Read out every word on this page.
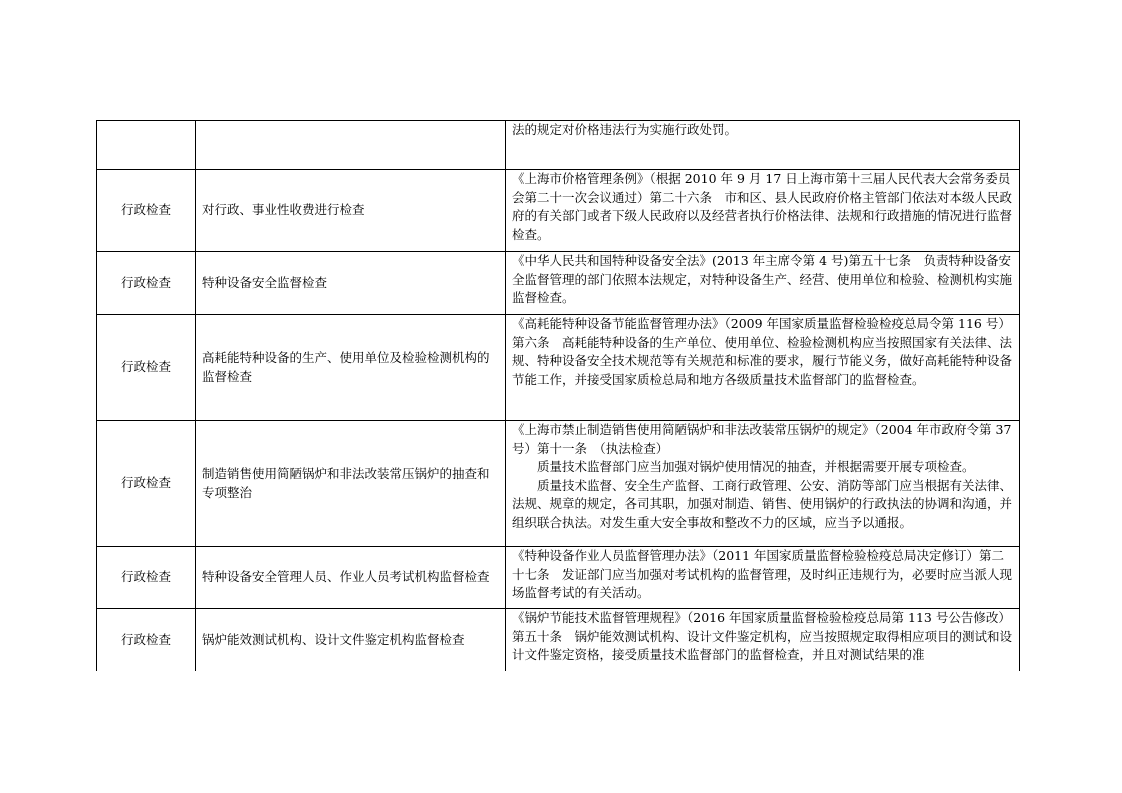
		法的规定对价格违法行为实施行政处罚。

行政检查	对行政、事业性收费进行检查	《上海市价格管理条例》（根据 2010 年 9 月 17 日上海市第十三届人民代表大会常务委员会第二十一次会议通过）第二十六条　市和区、县人民政府价格主管部门依法对本级人民政府的有关部门或者下级人民政府以及经营者执行价格法律、法规和行政措施的情况进行监督检查。

行政检查	特种设备安全监督检查	《中华人民共和国特种设备安全法》(2013 年主席令第 4 号)第五十七条　负责特种设备安全监督管理的部门依照本法规定，对特种设备生产、经营、使用单位和检验、检测机构实施监督检查。

行政检查	高耗能特种设备的生产、使用单位及检验检测机构的监督检查	《高耗能特种设备节能监督管理办法》（2009 年国家质量监督检验检疫总局令第 116 号）第六条　高耗能特种设备的生产单位、使用单位、检验检测机构应当按照国家有关法律、法规、特种设备安全技术规范等有关规范和标准的要求，履行节能义务，做好高耗能特种设备节能工作，并接受国家质检总局和地方各级质量技术监督部门的监督检查。

行政检查	制造销售使用简陋锅炉和非法改装常压锅炉的抽查和专项整治	《上海市禁止制造销售使用简陋锅炉和非法改装常压锅炉的规定》（2004 年市政府令第 37 号）第十一条　（执法检查）

质量技术监督部门应当加强对锅炉使用情况的抽查，并根据需要开展专项检查。

质量技术监督、安全生产监督、工商行政管理、公安、消防等部门应当根据有关法律、法规、规章的规定，各司其职，加强对制造、销售、使用锅炉的行政执法的协调和沟通，并组织联合执法。对发生重大安全事故和整改不力的区域，应当予以通报。

行政检查	特种设备安全管理人员、作业人员考试机构监督检查	《特种设备作业人员监督管理办法》（2011 年国家质量监督检验检疫总局决定修订）第二十七条　发证部门应当加强对考试机构的监督管理，及时纠正违规行为，必要时应当派人现场监督考试的有关活动。

行政检查	锅炉能效测试机构、设计文件鉴定机构监督检查	《锅炉节能技术监督管理规程》（2016 年国家质量监督检验检疫总局第 113 号公告修改）第五十条　锅炉能效测试机构、设计文件鉴定机构，应当按照规定取得相应项目的测试和设计文件鉴定资格，接受质量技术监督部门的监督检查，并且对测试结果的准
